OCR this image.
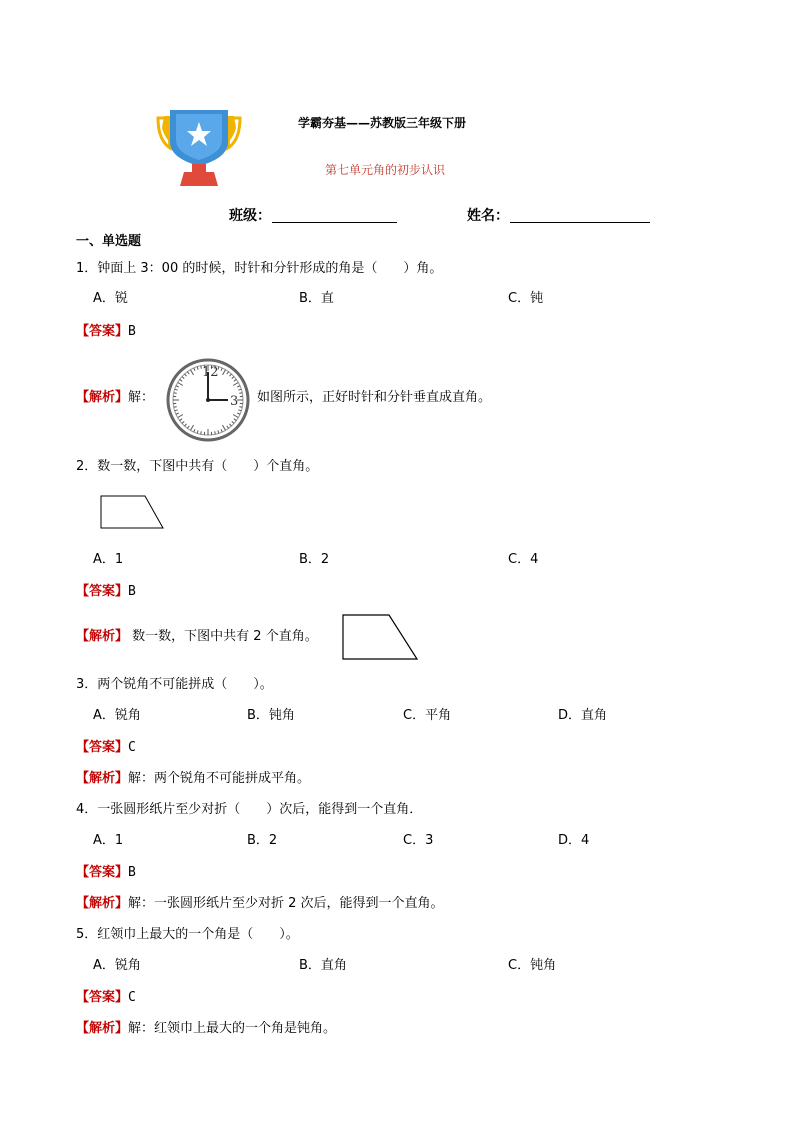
学霸夯基——苏教版三年级下册
第七单元角的初步认识
班级：	姓名：
一、单选题
1．钟面上 3：00 的时候，时针和分针形成的角是（　　）角。
A．锐	B．直	C．钝
【答案】B
【解析】解：
12
3 如图所示，正好时针和分针垂直成直角。
2．数一数，下图中共有（　　）个直角。
A．1	B．2	C．4
【答案】B
【解析】 数一数，下图中共有 2 个直角。
3．两个锐角不可能拼成（　　）。
A．锐角	B．钝角	C．平角	D．直角
【答案】C
【解析】解：两个锐角不可能拼成平角。
4．一张圆形纸片至少对折（　　）次后，能得到一个直角．
A．1	B．2	C．3	D．4
【答案】B
【解析】解：一张圆形纸片至少对折 2 次后，能得到一个直角。
5．红领巾上最大的一个角是（　　）。
A．锐角	B．直角	C．钝角
【答案】C
【解析】解：红领巾上最大的一个角是钝角。
